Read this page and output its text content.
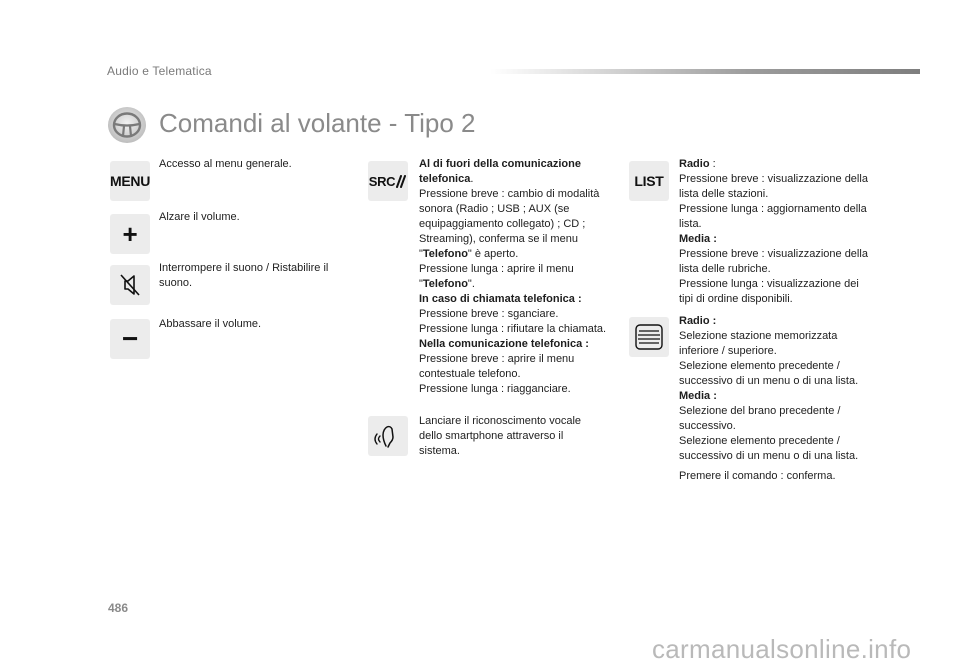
Audio e Telematica
Comandi al volante - Tipo 2
MENU
Accesso al menu generale.
+
Alzare il volume.
Interrompere il suono / Ristabilire il suono.
− Abbassare il volume.
SRC
Al di fuori della comunicazione telefonica.
Pressione breve : cambio di modalità sonora (Radio ; USB ; AUX (se equipaggiamento collegato) ; CD ; Streaming), conferma se il menu "Telefono" è aperto.
Pressione lunga : aprire il menu "Telefono".
In caso di chiamata telefonica :
Pressione breve : sganciare.
Pressione lunga : rifiutare la chiamata.
Nella comunicazione telefonica :
Pressione breve : aprire il menu contestuale telefono.
Pressione lunga : riagganciare.
Lanciare il riconoscimento vocale dello smartphone attraverso il sistema.
LIST
Radio :
Pressione breve : visualizzazione della lista delle stazioni.
Pressione lunga : aggiornamento della lista.
Media :
Pressione breve : visualizzazione della lista delle rubriche.
Pressione lunga : visualizzazione dei tipi di ordine disponibili.
Radio :
Selezione stazione memorizzata inferiore / superiore.
Selezione elemento precedente / successivo di un menu o di una lista.
Media :
Selezione del brano precedente / successivo.
Selezione elemento precedente / successivo di un menu o di una lista.
Premere il comando : conferma.
486
carmanualsonline.info
